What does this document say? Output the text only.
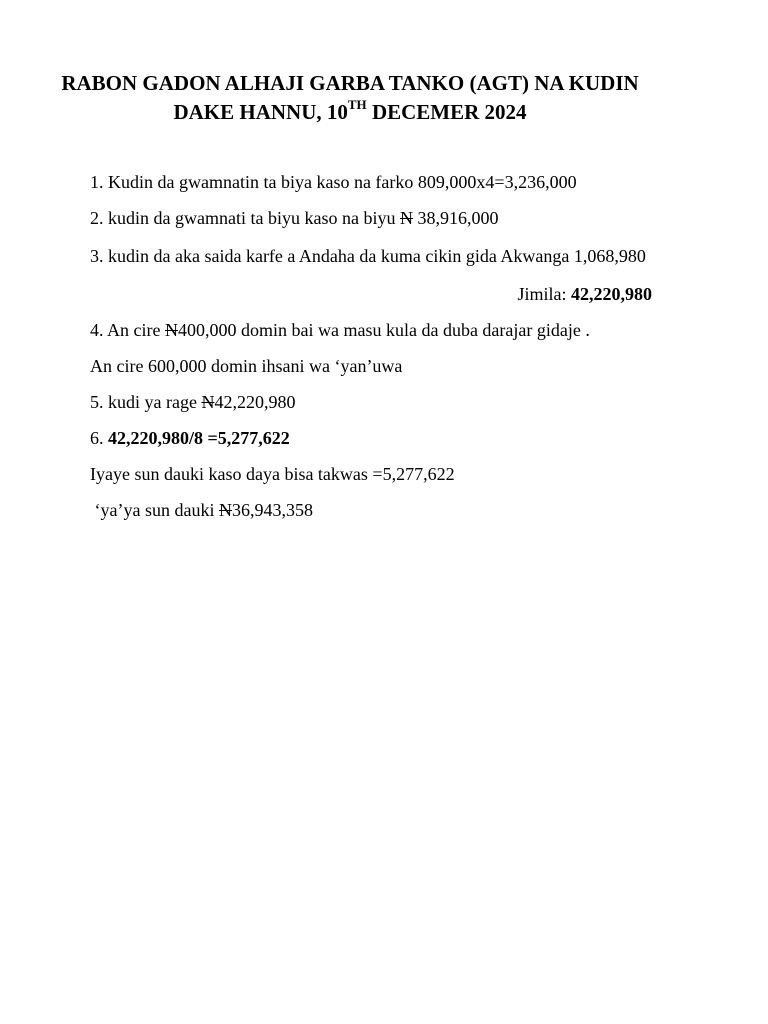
RABON GADON ALHAJI GARBA TANKO (AGT) NA KUDIN
DAKE HANNU, 10TH DECEMER 2024

1. Kudin da gwamnatin ta biya kaso na farko 809,000x4=3,236,000

2. kudin da gwamnati ta biyu kaso na biyu N 38,916,000

3. kudin da aka saida karfe a Andaha da kuma cikin gida Akwanga 1,068,980

Jimila: 42,220,980

4. An cire N400,000 domin bai wa masu kula da duba darajar gidaje .

An cire 600,000 domin ihsani wa ‘yan’uwa

5. kudi ya rage N42,220,980

6. 42,220,980/8 =5,277,622

Iyaye sun dauki kaso daya bisa takwas =5,277,622

‘ya’ya sun dauki N36,943,358
